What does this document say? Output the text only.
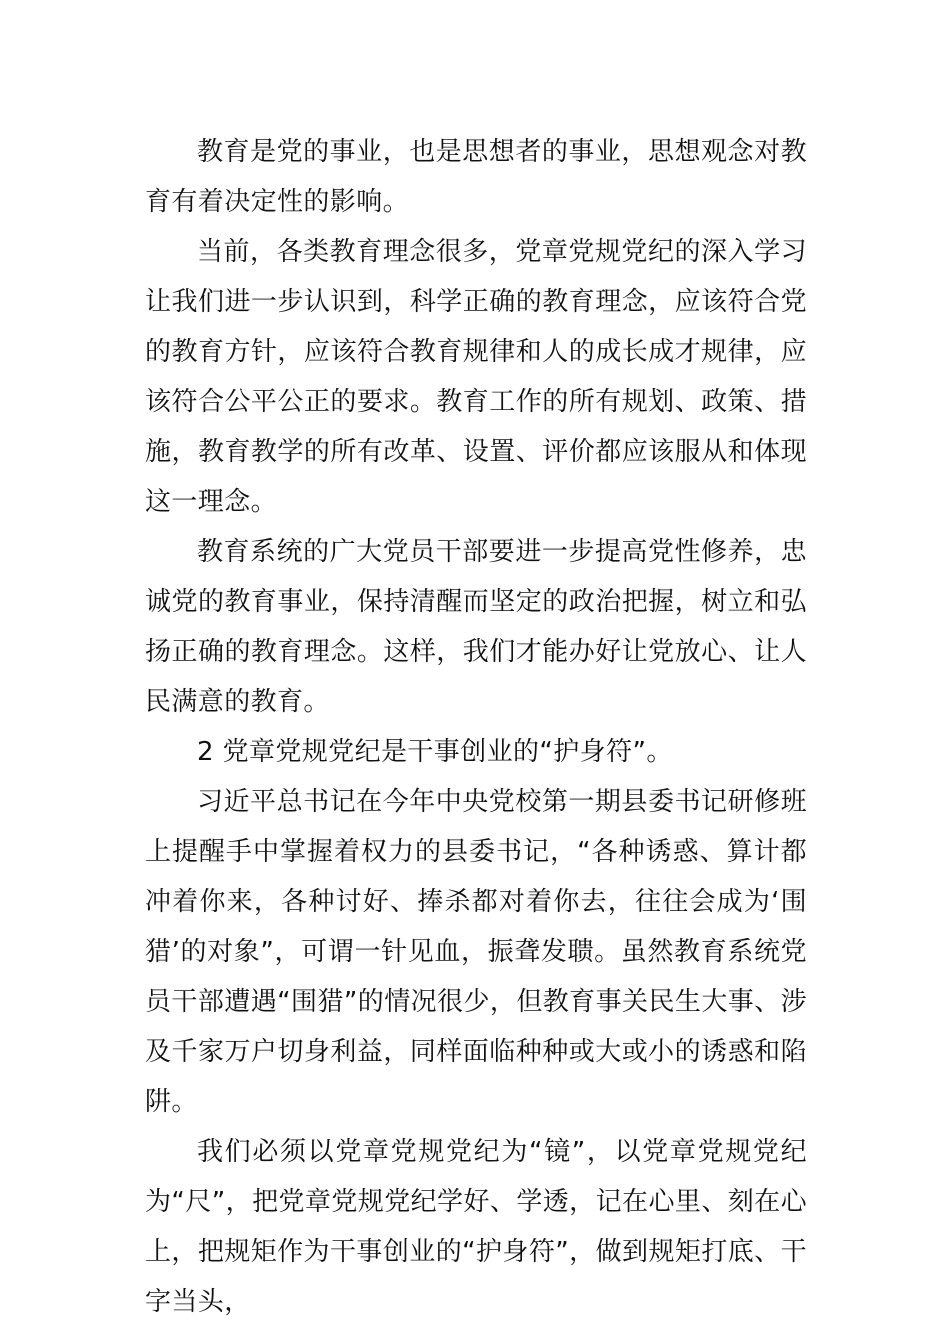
教育是党的事业，也是思想者的事业，思想观念对教育有着决定性的影响。

当前，各类教育理念很多，党章党规党纪的深入学习让我们进一步认识到，科学正确的教育理念，应该符合党的教育方针，应该符合教育规律和人的成长成才规律，应该符合公平公正的要求。教育工作的所有规划、政策、措施，教育教学的所有改革、设置、评价都应该服从和体现这一理念。

教育系统的广大党员干部要进一步提高党性修养，忠诚党的教育事业，保持清醒而坚定的政治把握，树立和弘扬正确的教育理念。这样，我们才能办好让党放心、让人民满意的教育。

2 党章党规党纪是干事创业的“护身符”。

习近平总书记在今年中央党校第一期县委书记研修班上提醒手中掌握着权力的县委书记，“各种诱惑、算计都冲着你来，各种讨好、捧杀都对着你去，往往会成为‘围猎’的对象”，可谓一针见血，振聋发聩。虽然教育系统党员干部遭遇“围猎”的情况很少，但教育事关民生大事、涉及千家万户切身利益，同样面临种种或大或小的诱惑和陷阱。

我们必须以党章党规党纪为“镜”，以党章党规党纪为“尺”，把党章党规党纪学好、学透，记在心里、刻在心上，把规矩作为干事创业的“护身符”，做到规矩打底、干字当头，
